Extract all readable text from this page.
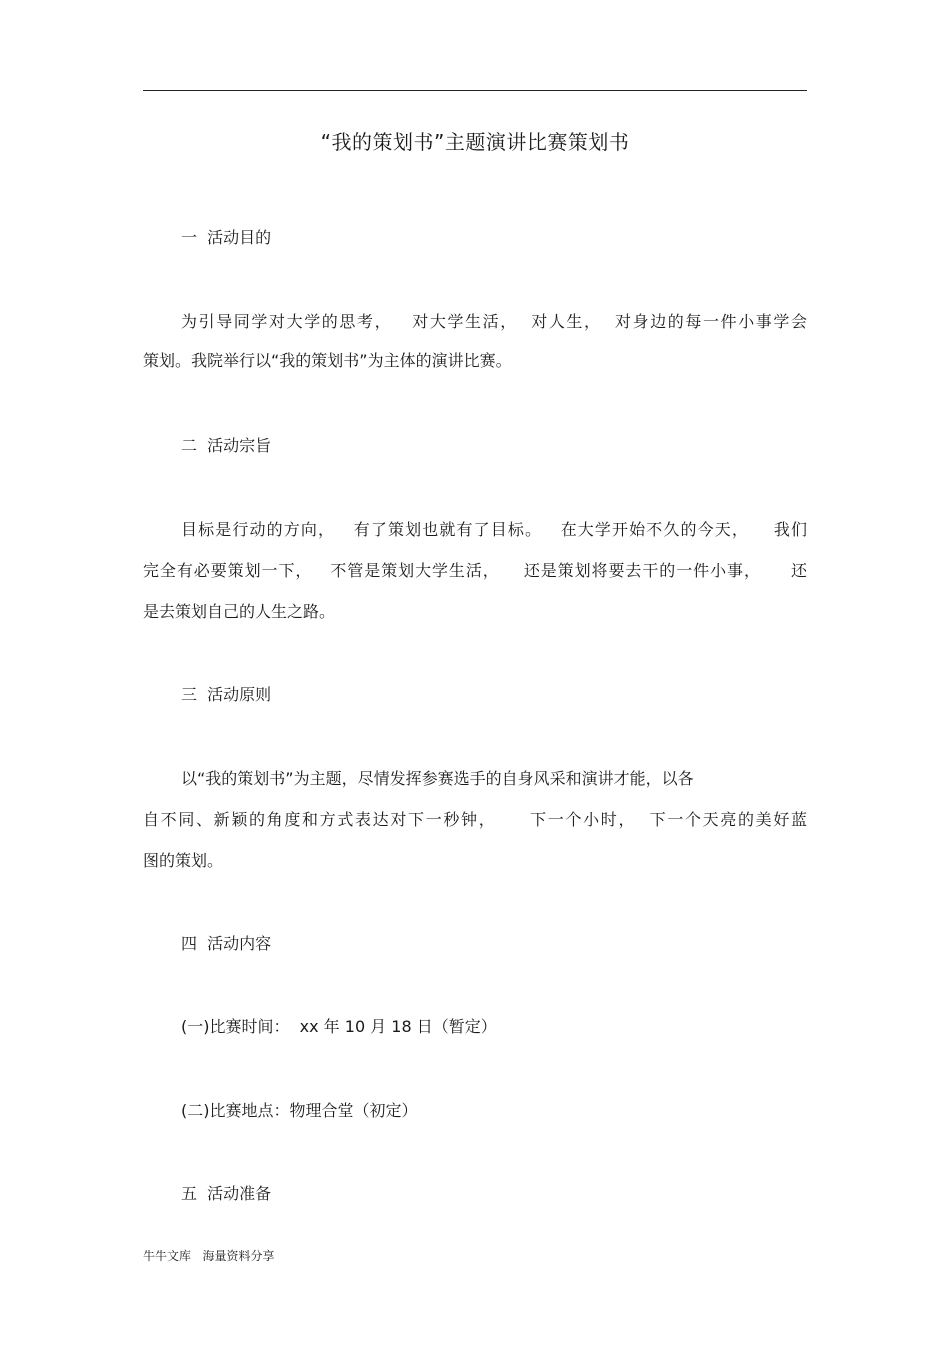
“我的策划书”主题演讲比赛策划书
一  活动目的
为引导同学对大学的思考，   对大学生活，  对人生，  对身边的每一件小事学会
策划。我院举行以“我的策划书”为主体的演讲比赛。
二  活动宗旨
目标是行动的方向，   有了策划也就有了目标。   在大学开始不久的今天，    我们
完全有必要策划一下，   不管是策划大学生活，    还是策划将要去干的一件小事，     还
是去策划自己的人生之路。
三  活动原则
以“我的策划书”为主题，尽情发挥参赛选手的自身风采和演讲才能，以各
自不同、新颖的角度和方式表达对下一秒钟，     下一个小时，  下一个天亮的美好蓝
图的策划。
四  活动内容

(一)比赛时间：  xx 年 10 月 18 日（暂定）

(二)比赛地点：物理合堂（初定）

五  活动准备
牛牛文库   海量资料分享
